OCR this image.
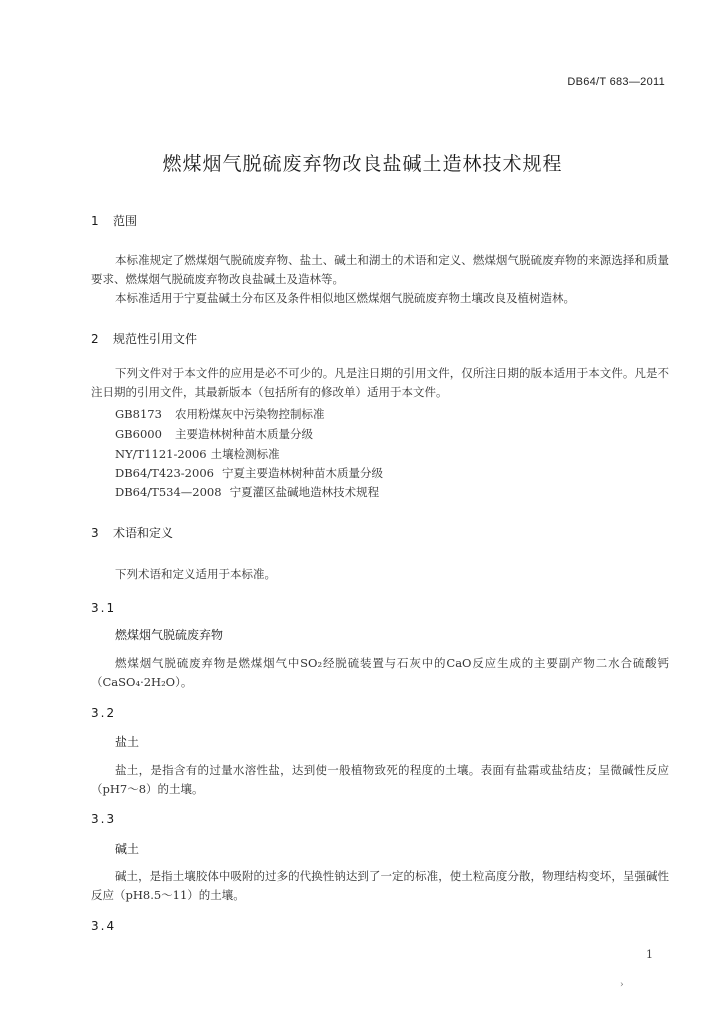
DB64/T 683—2011
燃煤烟气脱硫废弃物改良盐碱土造林技术规程
1 范围
本标准规定了燃煤烟气脱硫废弃物、盐土、碱土和湖土的术语和定义、燃煤烟气脱硫废弃物的来源选择和质量要求、燃煤烟气脱硫废弃物改良盐碱土及造林等。
本标准适用于宁夏盐碱土分布区及条件相似地区燃煤烟气脱硫废弃物土壤改良及植树造林。
2 规范性引用文件
下列文件对于本文件的应用是必不可少的。凡是注日期的引用文件，仅所注日期的版本适用于本文件。凡是不注日期的引用文件，其最新版本（包括所有的修改单）适用于本文件。
GB8173 农用粉煤灰中污染物控制标准
GB6000 主要造林树种苗木质量分级
NY/T1121-2006 土壤检测标准
DB64/T423-2006 宁夏主要造林树种苗木质量分级
DB64/T534—2008 宁夏灌区盐碱地造林技术规程
3 术语和定义
下列术语和定义适用于本标准。
3.1
燃煤烟气脱硫废弃物
燃煤烟气脱硫废弃物是燃煤烟气中SO₂经脱硫装置与石灰中的CaO反应生成的主要副产物二水合硫酸钙（CaSO₄·2H₂O）。
3.2
盐土
盐土，是指含有的过量水溶性盐，达到使一般植物致死的程度的土壤。表面有盐霜或盐结皮；呈微碱性反应（pH7～8）的土壤。
3.3
碱土
碱土，是指土壤胶体中吸附的过多的代换性钠达到了一定的标准，使土粒高度分散，物理结构变坏，呈强碱性反应（pH8.5～11）的土壤。
3.4
1
›
